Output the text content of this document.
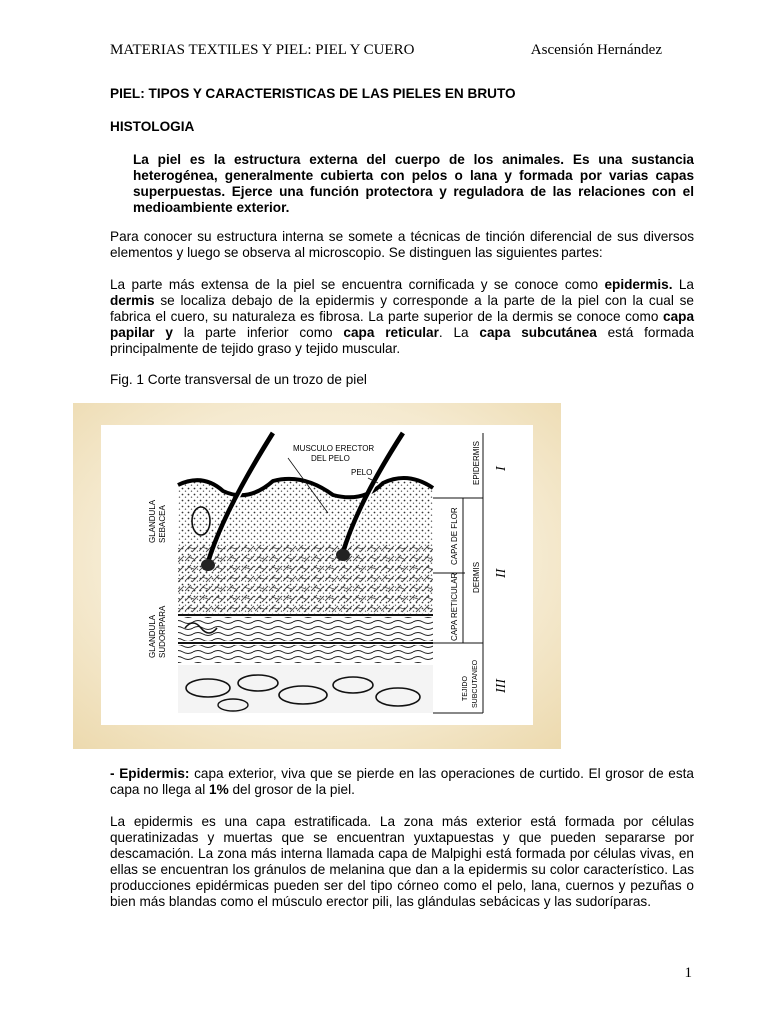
MATERIAS TEXTILES Y PIEL: PIEL Y CUERO	Ascensión Hernández

PIEL: TIPOS Y CARACTERISTICAS DE LAS PIELES EN BRUTO

HISTOLOGIA

La piel es la estructura externa del cuerpo de los animales. Es una sustancia heterogénea, generalmente cubierta con pelos o lana y formada por varias capas superpuestas. Ejerce una función protectora y reguladora de las relaciones con el medioambiente exterior.

Para conocer su estructura interna se somete a técnicas de tinción diferencial de sus diversos elementos y luego se observa al microscopio. Se distinguen las siguientes partes:

La parte más extensa de la piel se encuentra cornificada y se conoce como epidermis. La dermis se localiza debajo de la epidermis y corresponde a la parte de la piel con la cual se fabrica el cuero, su naturaleza es fibrosa. La parte superior de la dermis se conoce como capa papilar y la parte inferior como capa reticular. La capa subcutánea está formada principalmente de tejido graso y tejido muscular.

Fig. 1 Corte transversal de un trozo de piel

GLANDULA SEBACEA
GLANDULA SUDORIPARA
MUSCULO ERECTOR
DEL PELO
PELO	EPIDERMIS
CAPA DE FLOR
CAPA RETICULAR DERMIS
TEJIDO SUBCUTANEO
I
II
III

- Epidermis: capa exterior, viva que se pierde en las operaciones de curtido. El grosor de esta capa no llega al 1% del grosor de la piel.

La epidermis es una capa estratificada. La zona más exterior está formada por células queratinizadas y muertas que se encuentran yuxtapuestas y que pueden separarse por descamación. La zona más interna llamada capa de Malpighi está formada por células vivas, en ellas se encuentran los gránulos de melanina que dan a la epidermis su color característico. Las producciones epidérmicas pueden ser del tipo córneo como el pelo, lana, cuernos y pezuñas o bien más blandas como el músculo erector pili, las glándulas sebácicas y las sudoríparas.

1
